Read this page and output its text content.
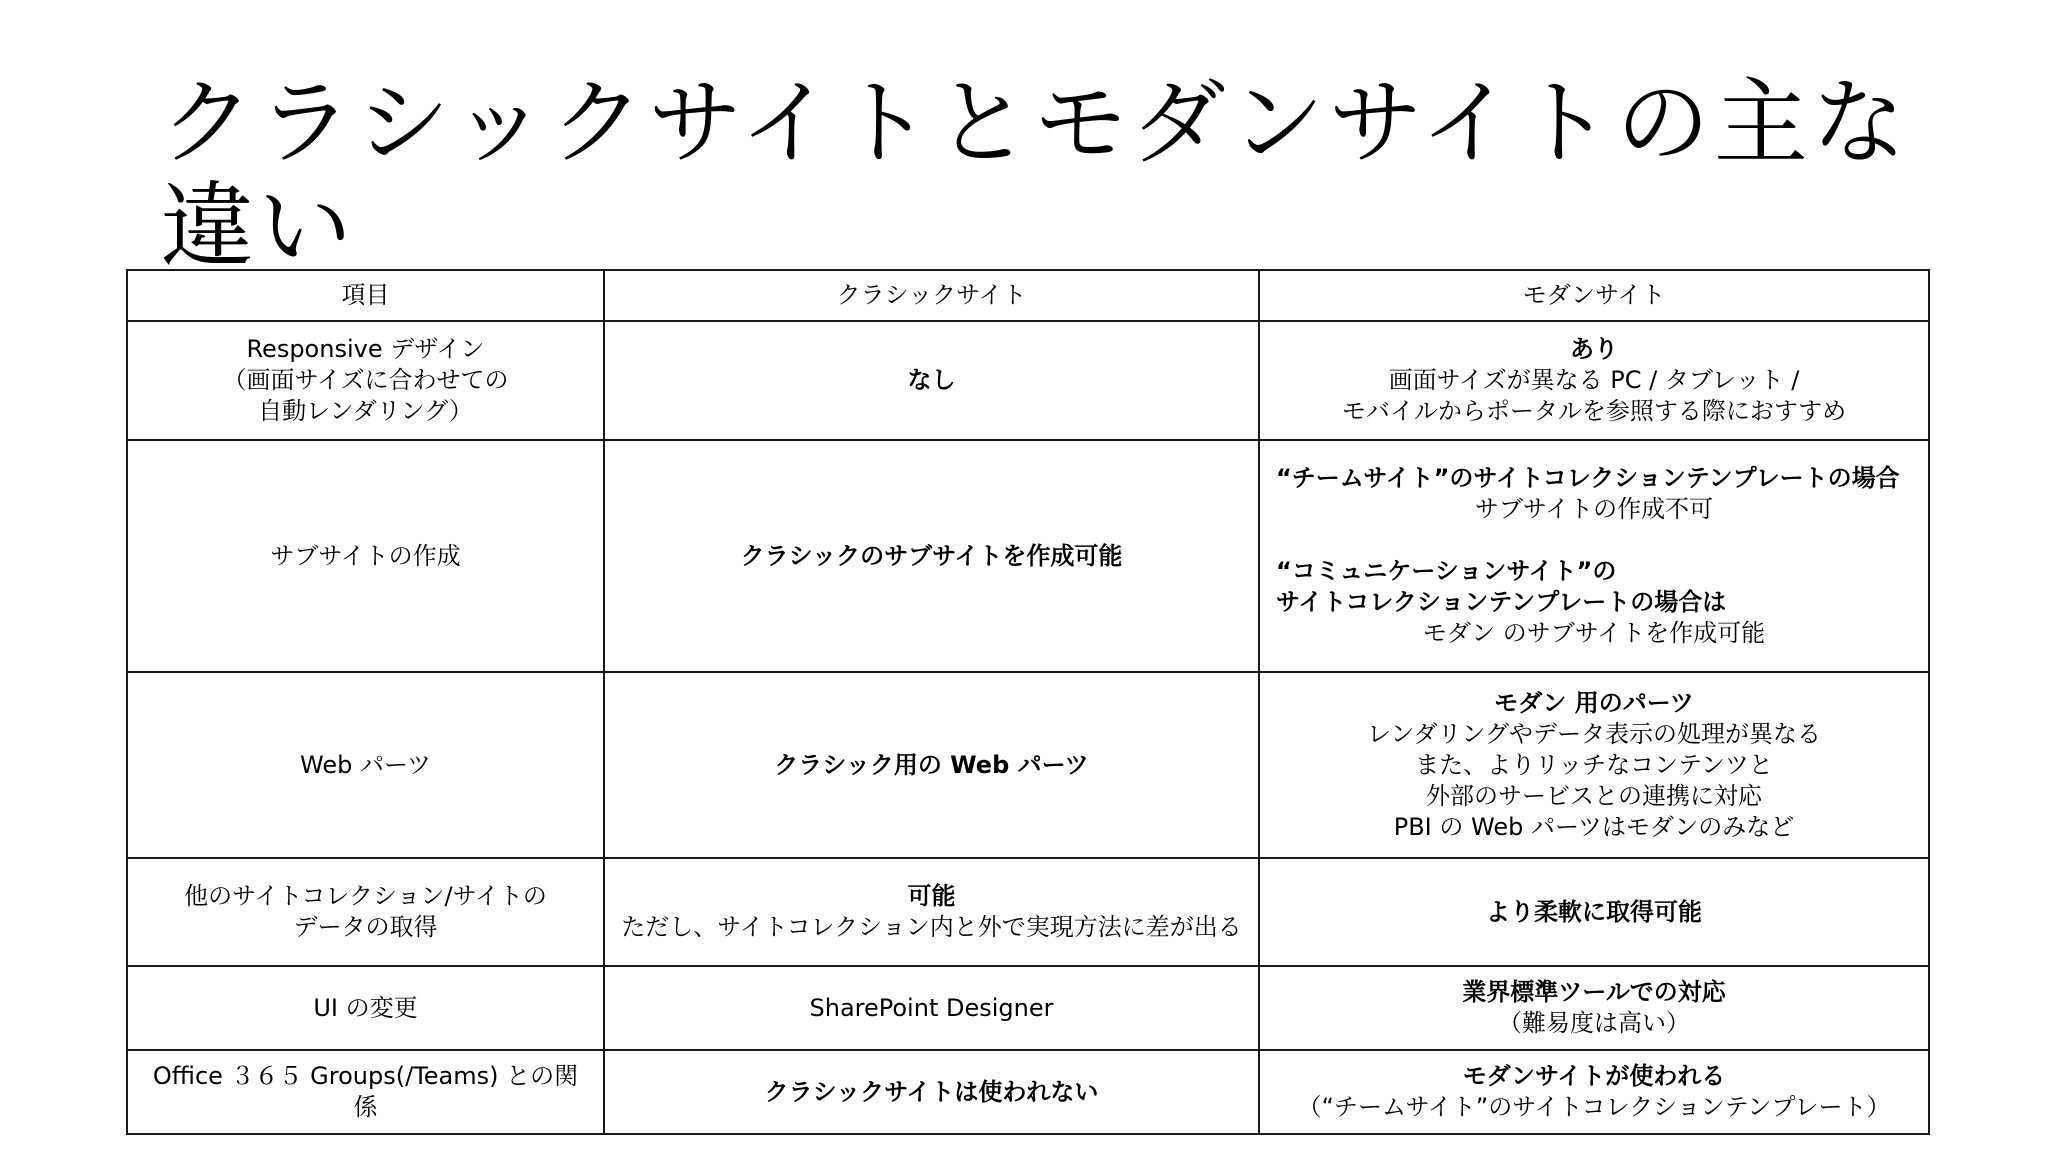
クラシックサイトとモダンサイトの主な
違い
項目	クラシックサイト	モダンサイト

Responsive デザイン
（画面サイズに合わせての
自動レンダリング）	なし	あり
画面サイズが異なる PC / タブレット /
モバイルからポータルを参照する際におすすめ

サブサイトの作成	クラシックのサブサイトを作成可能	“チームサイト”のサイトコレクションテンプレートの場合
サブサイトの作成不可
“コミュニケーションサイト”の
サイトコレクションテンプレートの場合は
モダン のサブサイトを作成可能

Web パーツ	クラシック用の Web パーツ	モダン 用のパーツ
レンダリングやデータ表示の処理が異なる
また、よりリッチなコンテンツと
外部のサービスとの連携に対応
PBI の Web パーツはモダンのみなど

他のサイトコレクション/サイトの
データの取得	可能
ただし、サイトコレクション内と外で実現方法に差が出る	より柔軟に取得可能

UI の変更	SharePoint Designer	業界標準ツールでの対応
（難易度は高い）

Office ３６５ Groups(/Teams) との関係	クラシックサイトは使われない	モダンサイトが使われる
（“チームサイト”のサイトコレクションテンプレート）
